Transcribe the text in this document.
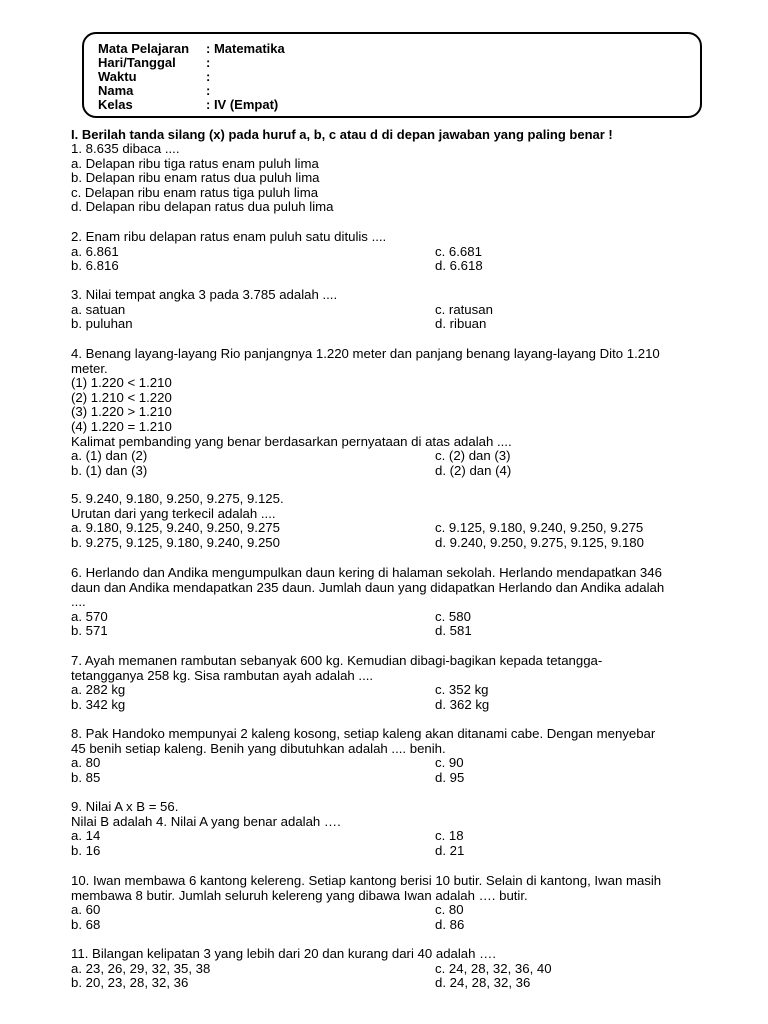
Mata Pelajaran : Matematika
Hari/Tanggal :
Waktu	:
Nama	:
Kelas	: IV (Empat)
I. Berilah tanda silang (x) pada huruf a, b, c atau d di depan jawaban yang paling benar !
1. 8.635 dibaca ....
a. Delapan ribu tiga ratus enam puluh lima
b. Delapan ribu enam ratus dua puluh lima
c. Delapan ribu enam ratus tiga puluh lima
d. Delapan ribu delapan ratus dua puluh lima
2. Enam ribu delapan ratus enam puluh satu ditulis ....
a. 6.861	c. 6.681
b. 6.816	d. 6.618
3. Nilai tempat angka 3 pada 3.785 adalah ....
a. satuan	c. ratusan
b. puluhan	d. ribuan
4. Benang layang-layang Rio panjangnya 1.220 meter dan panjang benang layang-layang Dito 1.210
meter.
(1) 1.220 < 1.210
(2) 1.210 < 1.220
(3) 1.220 > 1.210
(4) 1.220 = 1.210
Kalimat pembanding yang benar berdasarkan pernyataan di atas adalah ....
a. (1) dan (2)	c. (2) dan (3)
b. (1) dan (3)	d. (2) dan (4)
5. 9.240, 9.180, 9.250, 9.275, 9.125.
Urutan dari yang terkecil adalah ....
a. 9.180, 9.125, 9.240, 9.250, 9.275	c. 9.125, 9.180, 9.240, 9.250, 9.275
b. 9.275, 9.125, 9.180, 9.240, 9.250	d. 9.240, 9.250, 9.275, 9.125, 9.180
6. Herlando dan Andika mengumpulkan daun kering di halaman sekolah. Herlando mendapatkan 346
daun dan Andika mendapatkan 235 daun. Jumlah daun yang didapatkan Herlando dan Andika adalah
....
a. 570	c. 580
b. 571	d. 581
7. Ayah memanen rambutan sebanyak 600 kg. Kemudian dibagi-bagikan kepada tetangga-
tetangganya 258 kg. Sisa rambutan ayah adalah ....
a. 282 kg	c. 352 kg
b. 342 kg	d. 362 kg
8. Pak Handoko mempunyai 2 kaleng kosong, setiap kaleng akan ditanami cabe. Dengan menyebar
45 benih setiap kaleng. Benih yang dibutuhkan adalah .... benih.
a. 80	c. 90
b. 85	d. 95
9. Nilai A x B = 56.
Nilai B adalah 4. Nilai A yang benar adalah ….
a. 14	c. 18
b. 16	d. 21
10. Iwan membawa 6 kantong kelereng. Setiap kantong berisi 10 butir. Selain di kantong, Iwan masih
membawa 8 butir. Jumlah seluruh kelereng yang dibawa Iwan adalah …. butir.
a. 60	c. 80
b. 68	d. 86
11. Bilangan kelipatan 3 yang lebih dari 20 dan kurang dari 40 adalah ….
a. 23, 26, 29, 32, 35, 38	c. 24, 28, 32, 36, 40
b. 20, 23, 28, 32, 36	d. 24, 28, 32, 36
